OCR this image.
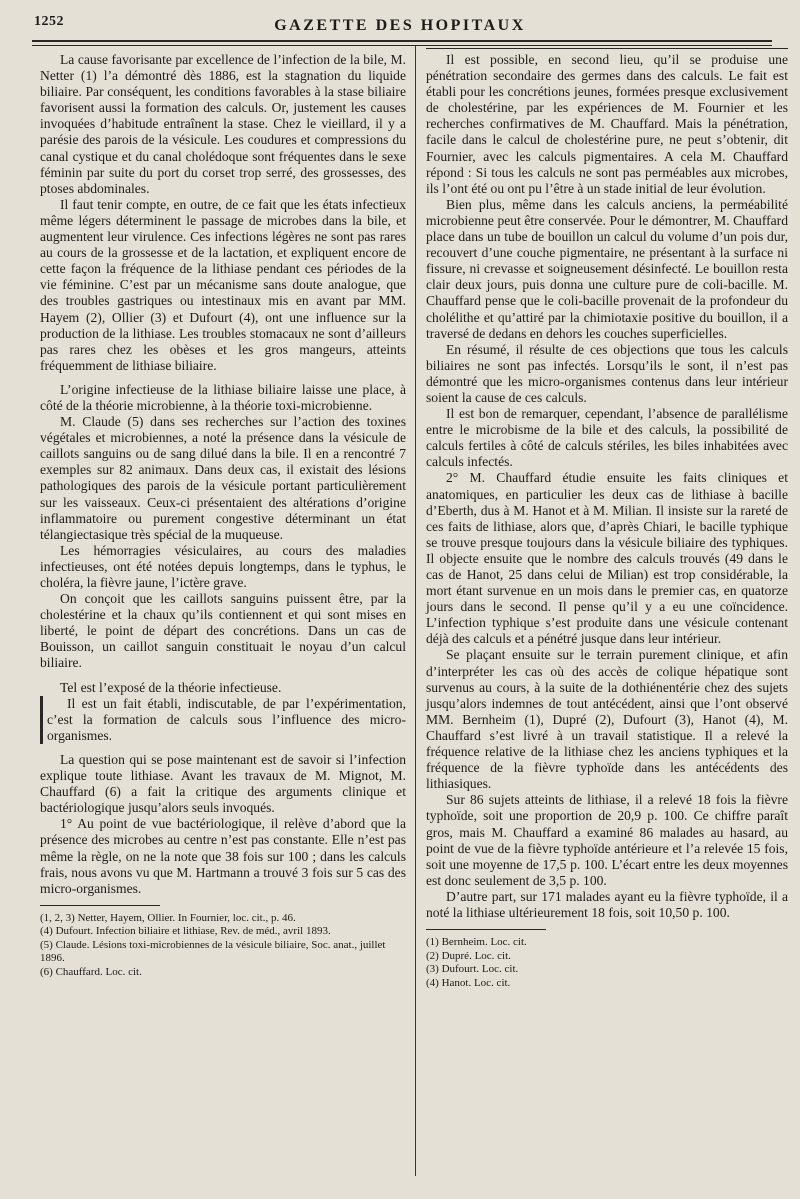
1252	GAZETTE DES HOPITAUX

La cause favorisante par excellence de l’infection de la bile, M. Netter (1) l’a démontré dès 1886, est la stagnation du liquide biliaire. Par conséquent, les conditions favorables à la stase biliaire favorisent aussi la formation des calculs. Or, justement les causes invoquées d’habitude entraînent la stase. Chez le vieillard, il y a parésie des parois de la vésicule. Les coudures et compressions du canal cystique et du canal cholédoque sont fréquentes dans le sexe féminin par suite du port du corset trop serré, des grossesses, des ptoses abdominales.

Il faut tenir compte, en outre, de ce fait que les états infectieux même légers déterminent le passage de microbes dans la bile, et augmentent leur virulence. Ces infections légères ne sont pas rares au cours de la grossesse et de la lactation, et expliquent encore de cette façon la fréquence de la lithiase pendant ces périodes de la vie féminine. C’est par un mécanisme sans doute analogue, que des troubles gastriques ou intestinaux mis en avant par MM. Hayem (2), Ollier (3) et Dufourt (4), ont une influence sur la production de la lithiase. Les troubles stomacaux ne sont d’ailleurs pas rares chez les obèses et les gros mangeurs, atteints fréquemment de lithiase biliaire.

L’origine infectieuse de la lithiase biliaire laisse une place, à côté de la théorie microbienne, à la théorie toxi-microbienne.

M. Claude (5) dans ses recherches sur l’action des toxines végétales et microbiennes, a noté la présence dans la vésicule de caillots sanguins ou de sang dilué dans la bile. Il en a rencontré 7 exemples sur 82 animaux. Dans deux cas, il existait des lésions pathologiques des parois de la vésicule portant particulièrement sur les vaisseaux. Ceux-ci présentaient des altérations d’origine inflammatoire ou purement congestive déterminant un état télangiectasique très spécial de la muqueuse.

Les hémorragies vésiculaires, au cours des maladies infectieuses, ont été notées depuis longtemps, dans le typhus, le choléra, la fièvre jaune, l’ictère grave.

On conçoit que les caillots sanguins puissent être, par la cholestérine et la chaux qu’ils contiennent et qui sont mises en liberté, le point de départ des concrétions. Dans un cas de Bouisson, un caillot sanguin constituait le noyau d’un calcul biliaire.

Tel est l’exposé de la théorie infectieuse.

Il est un fait établi, indiscutable, de par l’expérimentation, c’est la formation de calculs sous l’influence des micro-organismes.

La question qui se pose maintenant est de savoir si l’infection explique toute lithiase. Avant les travaux de M. Mignot, M. Chauffard (6) a fait la critique des arguments clinique et bactériologique jusqu’alors seuls invoqués.

1° Au point de vue bactériologique, il relève d’abord que la présence des microbes au centre n’est pas constante. Elle n’est pas même la règle, on ne la note que 38 fois sur 100 ; dans les calculs frais, nous avons vu que M. Hartmann a trouvé 3 fois sur 5 cas des micro-organismes.

(1, 2, 3) Netter, Hayem, Ollier. In Fournier, loc. cit., p. 46.

(4) Dufourt. Infection biliaire et lithiase, Rev. de méd., avril 1893.

(5) Claude. Lésions toxi-microbiennes de la vésicule biliaire, Soc. anat., juillet 1896.

(6) Chauffard. Loc. cit.

Il est possible, en second lieu, qu’il se produise une pénétration secondaire des germes dans des calculs. Le fait est établi pour les concrétions jeunes, formées presque exclusivement de cholestérine, par les expériences de M. Fournier et les recherches confirmatives de M. Chauffard. Mais la pénétration, facile dans le calcul de cholestérine pure, ne peut s’obtenir, dit Fournier, avec les calculs pigmentaires. A cela M. Chauffard répond : Si tous les calculs ne sont pas perméables aux microbes, ils l’ont été ou ont pu l’être à un stade initial de leur évolution.

Bien plus, même dans les calculs anciens, la perméabilité microbienne peut être conservée. Pour le démontrer, M. Chauffard place dans un tube de bouillon un calcul du volume d’un pois dur, recouvert d’une couche pigmentaire, ne présentant à la surface ni fissure, ni crevasse et soigneusement désinfecté. Le bouillon resta clair deux jours, puis donna une culture pure de coli-bacille. M. Chauffard pense que le coli-bacille provenait de la profondeur du cholélithe et qu’attiré par la chimiotaxie positive du bouillon, il a traversé de dedans en dehors les couches superficielles.

En résumé, il résulte de ces objections que tous les calculs biliaires ne sont pas infectés. Lorsqu’ils le sont, il n’est pas démontré que les micro-organismes contenus dans leur intérieur soient la cause de ces calculs.

Il est bon de remarquer, cependant, l’absence de parallélisme entre le microbisme de la bile et des calculs, la possibilité de calculs fertiles à côté de calculs stériles, les biles inhabitées avec calculs infectés.

2° M. Chauffard étudie ensuite les faits cliniques et anatomiques, en particulier les deux cas de lithiase à bacille d’Eberth, dus à M. Hanot et à M. Milian. Il insiste sur la rareté de ces faits de lithiase, alors que, d’après Chiari, le bacille typhique se trouve presque toujours dans la vésicule biliaire des typhiques. Il objecte ensuite que le nombre des calculs trouvés (49 dans le cas de Hanot, 25 dans celui de Milian) est trop considérable, la mort étant survenue en un mois dans le premier cas, en quatorze jours dans le second. Il pense qu’il y a eu une coïncidence. L’infection typhique s’est produite dans une vésicule contenant déjà des calculs et a pénétré jusque dans leur intérieur.

Se plaçant ensuite sur le terrain purement clinique, et afin d’interpréter les cas où des accès de colique hépatique sont survenus au cours, à la suite de la dothiénentérie chez des sujets jusqu’alors indemnes de tout antécédent, ainsi que l’ont observé MM. Bernheim (1), Dupré (2), Dufourt (3), Hanot (4), M. Chauffard s’est livré à un travail statistique. Il a relevé la fréquence relative de la lithiase chez les anciens typhiques et la fréquence de la fièvre typhoïde dans les antécédents des lithiasiques.

Sur 86 sujets atteints de lithiase, il a relevé 18 fois la fièvre typhoïde, soit une proportion de 20,9 p. 100. Ce chiffre paraît gros, mais M. Chauffard a examiné 86 malades au hasard, au point de vue de la fièvre typhoïde antérieure et l’a relevée 15 fois, soit une moyenne de 17,5 p. 100. L’écart entre les deux moyennes est donc seulement de 3,5 p. 100.

D’autre part, sur 171 malades ayant eu la fièvre typhoïde, il a noté la lithiase ultérieurement 18 fois, soit 10,50 p. 100.

(1) Bernheim. Loc. cit.

(2) Dupré. Loc. cit.

(3) Dufourt. Loc. cit.

(4) Hanot. Loc. cit.
